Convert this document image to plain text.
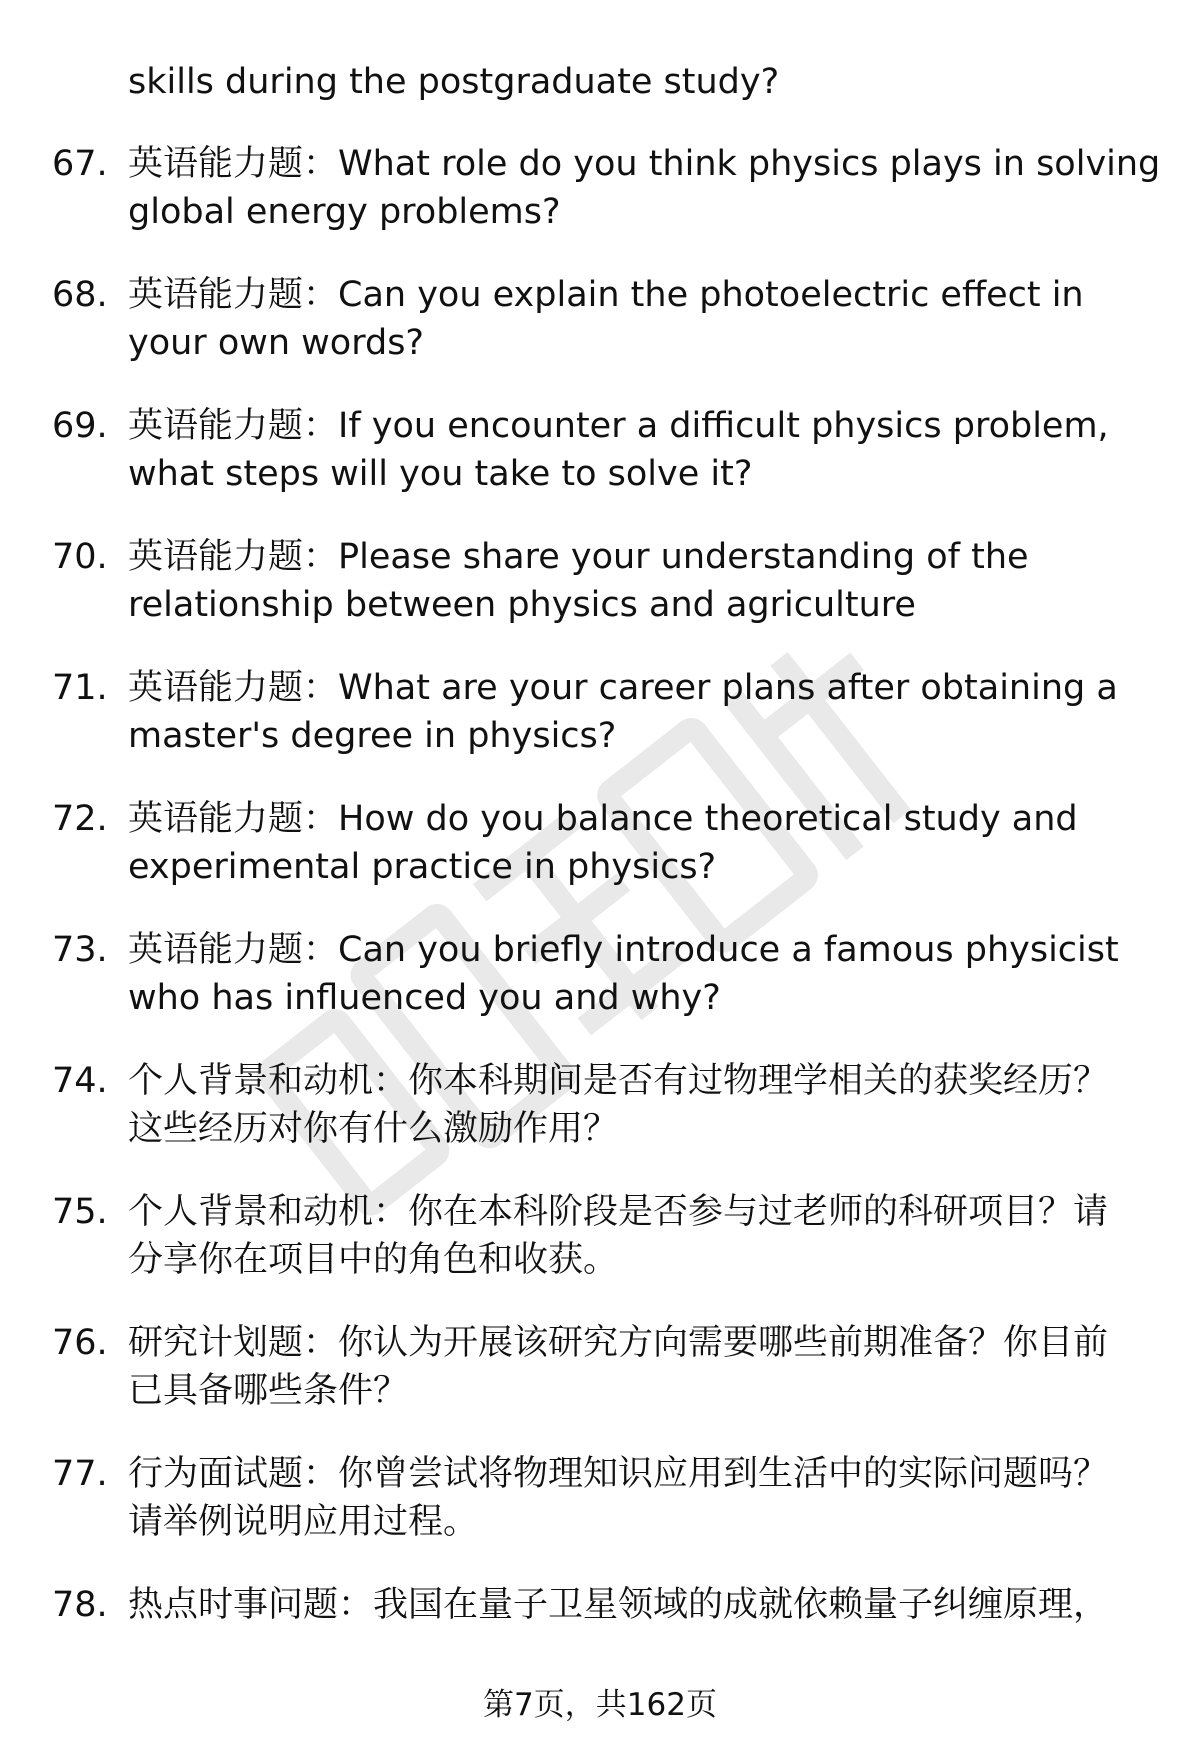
skills during the postgraduate study?
67. 英语能力题：What role do you think physics plays in solving
global energy problems?
68. 英语能力题：Can you explain the photoelectric effect in
your own words?
69. 英语能力题：If you encounter a difficult physics problem,
what steps will you take to solve it?
70. 英语能力题：Please share your understanding of the
relationship between physics and agriculture
71. 英语能力题：What are your career plans after obtaining a
master's degree in physics?
72. 英语能力题：How do you balance theoretical study and
experimental practice in physics?
73. 英语能力题：Can you briefly introduce a famous physicist
who has influenced you and why?
74. 个人背景和动机：你本科期间是否有过物理学相关的获奖经历？
这些经历对你有什么激励作用？
75. 个人背景和动机：你在本科阶段是否参与过老师的科研项目？请
分享你在项目中的角色和收获。
76. 研究计划题：你认为开展该研究方向需要哪些前期准备？你目前
已具备哪些条件？
77. 行为面试题：你曾尝试将物理知识应用到生活中的实际问题吗？
请举例说明应用过程。
78. 热点时事问题：我国在量子卫星领域的成就依赖量子纠缠原理，
第7页，共162页
